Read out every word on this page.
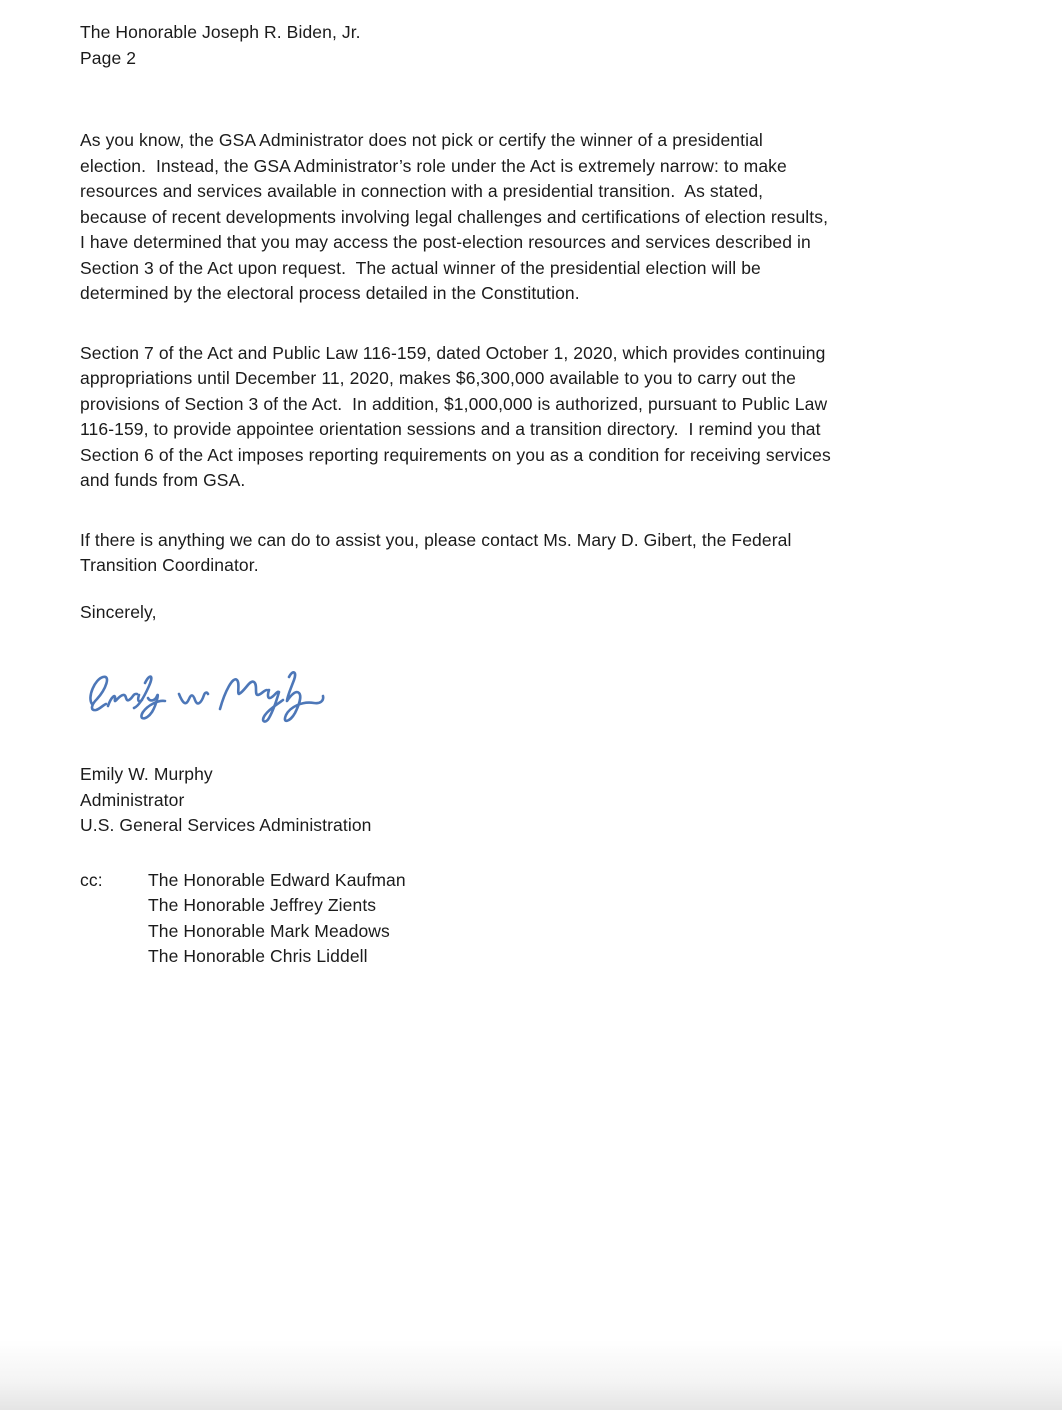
The Honorable Joseph R. Biden, Jr.
Page 2
As you know, the GSA Administrator does not pick or certify the winner of a presidential
election.  Instead, the GSA Administrator’s role under the Act is extremely narrow: to make
resources and services available in connection with a presidential transition.  As stated,
because of recent developments involving legal challenges and certifications of election results,
I have determined that you may access the post-election resources and services described in
Section 3 of the Act upon request.  The actual winner of the presidential election will be
determined by the electoral process detailed in the Constitution.
Section 7 of the Act and Public Law 116-159, dated October 1, 2020, which provides continuing
appropriations until December 11, 2020, makes $6,300,000 available to you to carry out the
provisions of Section 3 of the Act.  In addition, $1,000,000 is authorized, pursuant to Public Law
116-159, to provide appointee orientation sessions and a transition directory.  I remind you that
Section 6 of the Act imposes reporting requirements on you as a condition for receiving services
and funds from GSA.
If there is anything we can do to assist you, please contact Ms. Mary D. Gibert, the Federal
Transition Coordinator.
Sincerely,
Emily W. Murphy
Administrator
U.S. General Services Administration
cc:	The Honorable Edward Kaufman
The Honorable Jeffrey Zients
The Honorable Mark Meadows
The Honorable Chris Liddell
